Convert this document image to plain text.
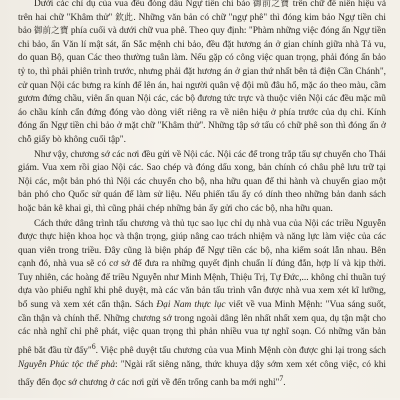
Dưới các chỉ dụ của vua đều đóng dấu Ngự tiền chi bảo 御前之寶 trên chữ đề niên hiệu và trên hai chữ "Khâm thử" 欽此. Những văn bản có chữ "ngự phê" thì đóng kim bảo Ngự tiền chi bảo 御前之寶 phía cuối và dưới chữ vua phê. Theo quy định: "Phàm những việc đóng ấn Ngự tiền chi bảo, ấn Văn lí mật sát, ấn Sắc mệnh chi bảo, đều đặt hương án ở gian chính giữa nhà Tả vu, do quan Bộ, quan Các theo thường tuân làm. Nếu gặp có công việc quan trọng, phải đóng ấn bảo tỷ to, thì phải phiên trình trước, nhưng phải đặt hương án ở gian thứ nhất bên tả điện Cần Chánh", cử quan Nội các bưng ra kính để lên án, hai người quân vệ đội mũ đâu hổ, mặc áo theo màu, cầm gươm đứng chầu, viên ấn quan Nội các, các bộ đương tức trực và thuộc viên Nội các đều mặc mũ áo chầu kính cẩn đứng đóng vào dòng viết riêng ra về niên hiệu ở phía trước của dụ chỉ. Kính đóng ấn Ngự tiền chi bảo ở mặt chữ "Khâm thử". Những tập sớ tấu có chữ phê son thì đóng ấn ở chỗ giấy bò không cuối tập".

Như vậy, chương sớ các nơi đều gửi về Nội các. Nội các để trong trắp tấu sự chuyển cho Thái giám. Vua xem rồi giao Nội các. Sao chép và đóng dấu xong, bản chính có châu phê lưu trữ tại Nội các, một bản phó thì Nội các chuyển cho bộ, nha hữu quan để thi hành và chuyển giao một bản phó cho Quốc sử quán để làm sử liệu. Nếu phiến tấu ấy có dính theo những bản danh sách hoặc bản kê khai gì, thì cũng phải chép những bản ấy gửi cho các bộ, nha hữu quan.

Cách thức dâng trình tấu chương và thủ tục sao lục chỉ dụ nhà vua của Nội các triều Nguyễn được thực hiện khoa học và thận trọng, giúp nâng cao trách nhiệm và năng lực làm việc của các quan viên trong triều. Đây cũng là biện pháp để Ngự tiền các bộ, nha kiểm soát lẫn nhau. Bên cạnh đó, nhà vua sẽ có cơ sở để đưa ra những quyết định chuẩn lí đúng đắn, hợp lí và kịp thời. Tuy nhiên, các hoàng đế triều Nguyễn như Minh Mệnh, Thiệu Trị, Tự Đức,... không chỉ thuần tuý dựa vào phiếu nghĩ khi phê duyệt, mà các văn bản tấu trình vẫn được nhà vua xem xét kĩ lưỡng, bổ sung và xem xét cẩn thận. Sách Đại Nam thực lục viết về vua Minh Mệnh: "Vua sáng suốt, cần thận và chính thể. Những chương sớ trong ngoài dâng lên nhất nhất xem qua, dụ tận mật cho các nhà nghĩ chỉ phê phát, việc quan trọng thì phản nhiều vua tự nghĩ soạn. Có những văn bản phê bắt đầu từ đấy"$^6$. Việc phê duyệt tấu chương của vua Minh Mệnh còn được ghi lại trong sách Nguyễn Phúc tộc thế phả: "Ngài rất siêng năng, thức khuya dậy sớm xem xét công việc, có khi thấy đến đọc sớ chương ở các nơi gửi về đến trống canh ba mới nghỉ"$^7$.
